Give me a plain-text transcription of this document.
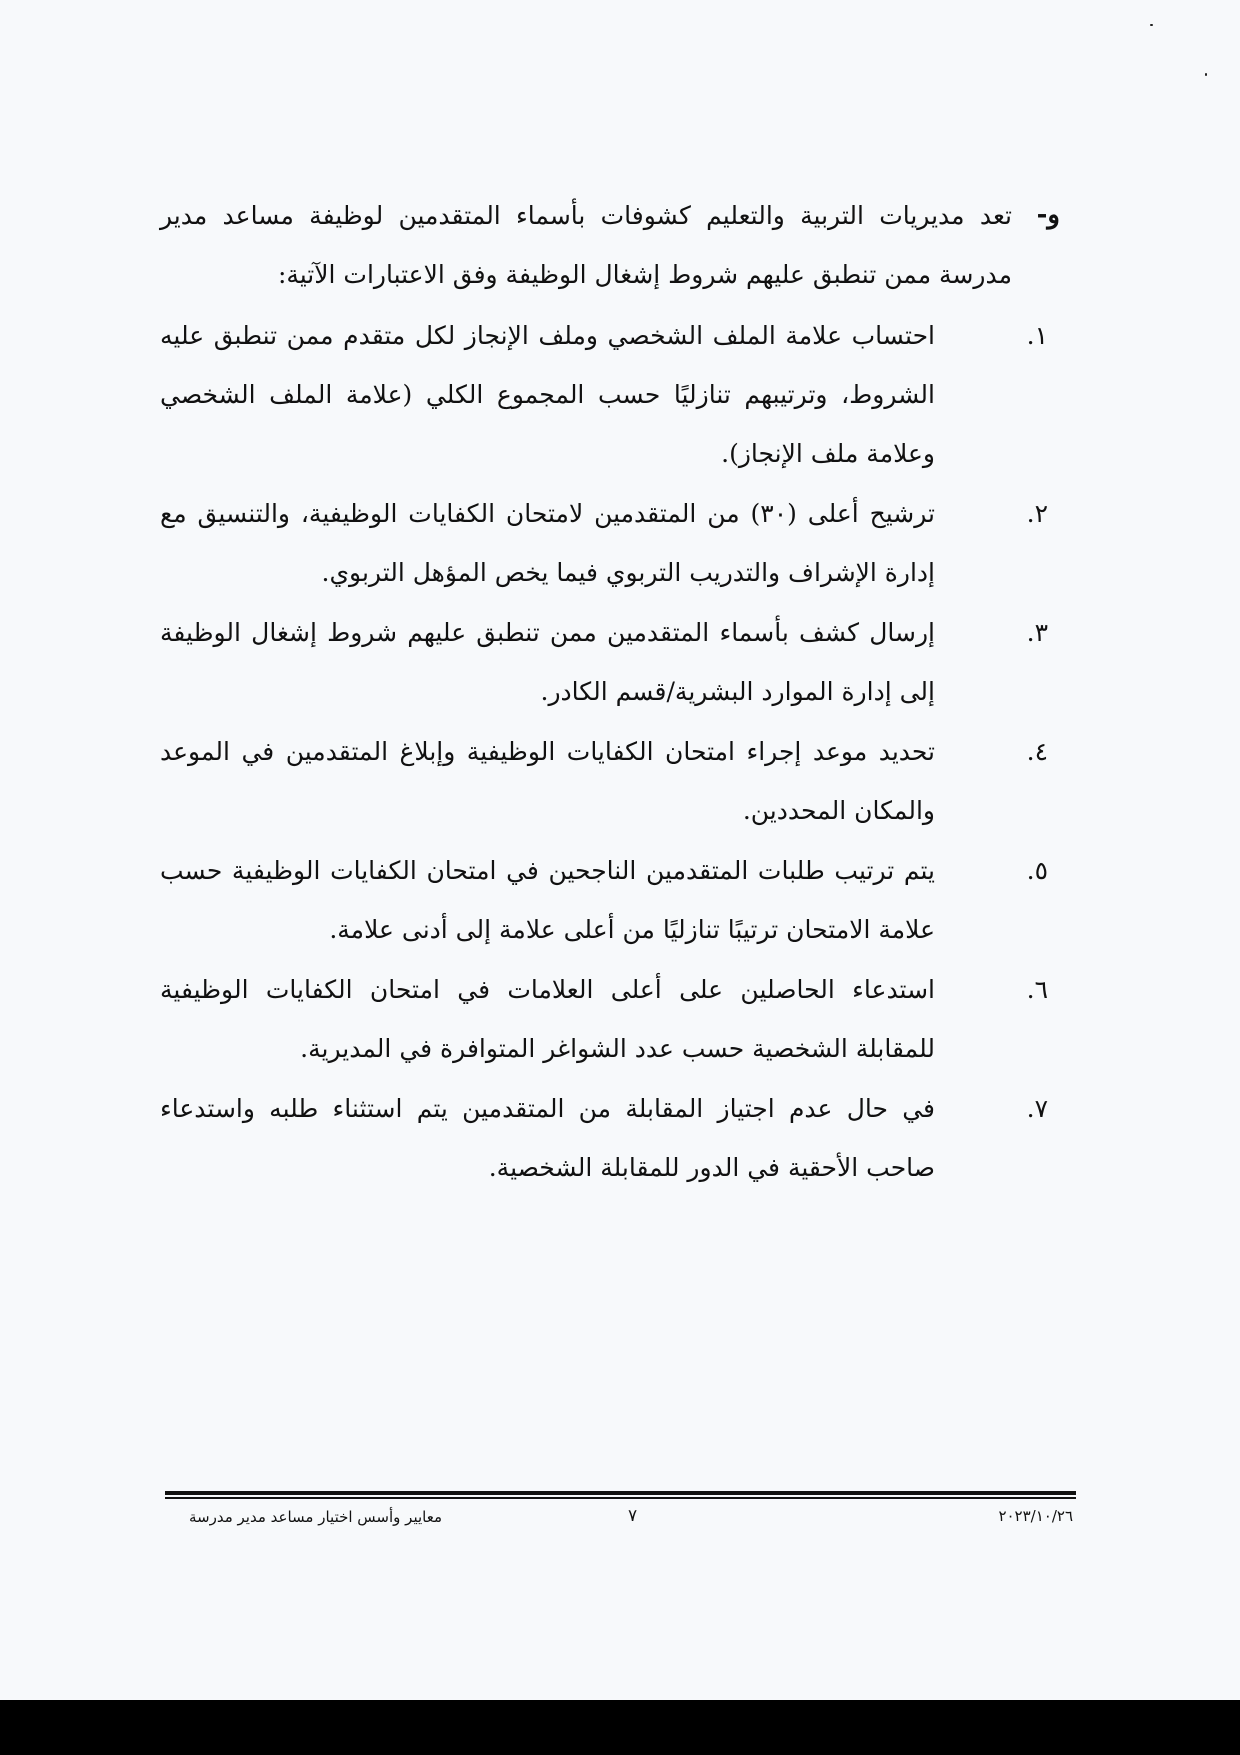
و-
تعد مديريات التربية والتعليم كشوفات بأسماء المتقدمين لوظيفة مساعد مدير مدرسة ممن تنطبق عليهم شروط إشغال الوظيفة وفق الاعتبارات الآتية:
١.
احتساب علامة الملف الشخصي وملف الإنجاز لكل متقدم ممن تنطبق عليه الشروط، وترتيبهم تنازليًا حسب المجموع الكلي (علامة الملف الشخصي وعلامة ملف الإنجاز).
٢.
ترشيح أعلى (٣٠) من المتقدمين لامتحان الكفايات الوظيفية، والتنسيق مع إدارة الإشراف والتدريب التربوي فيما يخص المؤهل التربوي.
٣.
إرسال كشف بأسماء المتقدمين ممن تنطبق عليهم شروط إشغال الوظيفة إلى إدارة الموارد البشرية/قسم الكادر.
٤.
تحديد موعد إجراء امتحان الكفايات الوظيفية وإبلاغ المتقدمين في الموعد والمكان المحددين.
٥.
يتم ترتيب طلبات المتقدمين الناجحين في امتحان الكفايات الوظيفية حسب علامة الامتحان ترتيبًا تنازليًا من أعلى علامة إلى أدنى علامة.
٦.
استدعاء الحاصلين على أعلى العلامات في امتحان الكفايات الوظيفية للمقابلة الشخصية حسب عدد الشواغر المتوافرة في المديرية.
٧.
في حال عدم اجتياز المقابلة من المتقدمين يتم استثناء طلبه واستدعاء صاحب الأحقية في الدور للمقابلة الشخصية.
معايير وأسس اختيار مساعد مدير مدرسة	٧	٢٠٢٣/١٠/٢٦
